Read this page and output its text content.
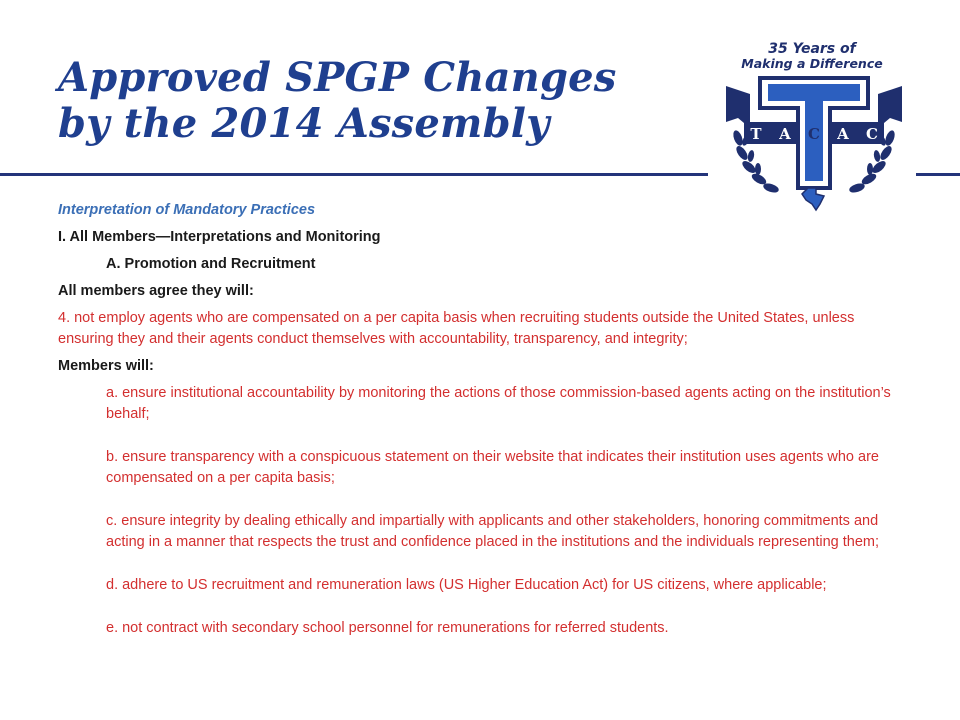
Approved SPGP Changes
by the 2014 Assembly
35 Years of
Making a Difference
T A C A C

Interpretation of Mandatory Practices

I. All Members—Interpretations and Monitoring

A. Promotion and Recruitment

All members agree they will:

4. not employ agents who are compensated on a per capita basis when recruiting students outside the United States, unless ensuring they and their agents conduct themselves with accountability, transparency, and integrity;

Members will:

a. ensure institutional accountability by monitoring the actions of those commission-based agents acting on the institution’s behalf;

b. ensure transparency with a conspicuous statement on their website that indicates their institution uses agents who are compensated on a per capita basis;

c. ensure integrity by dealing ethically and impartially with applicants and other stakeholders, honoring commitments and acting in a manner that respects the trust and confidence placed in the institutions and the individuals representing them;

d. adhere to US recruitment and remuneration laws (US Higher Education Act) for US citizens, where applicable;

e. not contract with secondary school personnel for remunerations for referred students.
